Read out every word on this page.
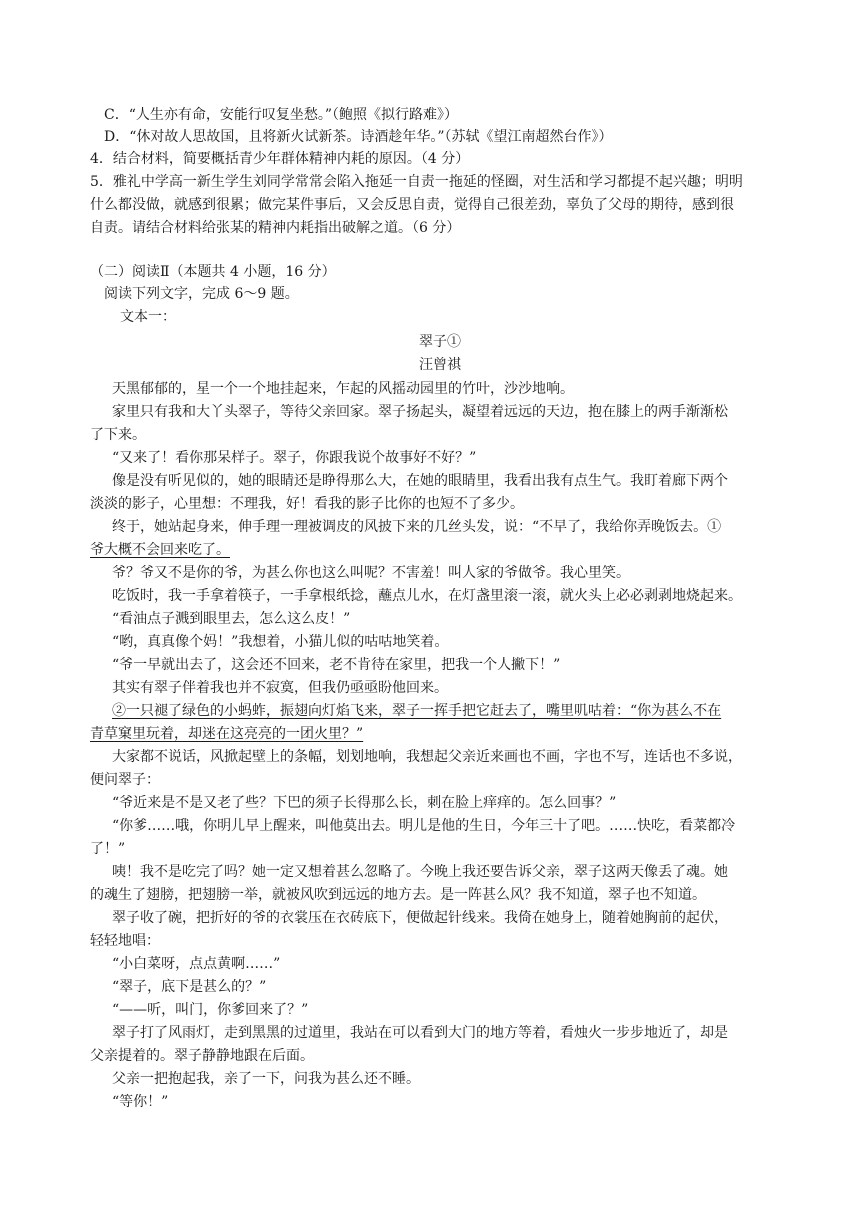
C．“人生亦有命，安能行叹复坐愁。”（鲍照《拟行路难》）
D．“休对故人思故国，且将新火试新茶。诗酒趁年华。”（苏轼《望江南超然台作》）
4．结合材料，简要概括青少年群体精神内耗的原因。（4 分）
5．雅礼中学高一新生学生刘同学常常会陷入拖延一自责一拖延的怪圈，对生活和学习都提不起兴趣；明明
什么都没做，就感到很累；做完某件事后，又会反思自责，觉得自己很差劲，辜负了父母的期待，感到很
自责。请结合材料给张某的精神内耗指出破解之道。（6 分）
（二）阅读Ⅱ（本题共 4 小题，16 分）
阅读下列文字，完成 6～9 题。
文本一：
翠子①
汪曾祺
天黑郁郁的，星一个一个地挂起来，乍起的风摇动园里的竹叶，沙沙地响。
家里只有我和大丫头翠子，等待父亲回家。翠子扬起头，凝望着远远的天边，抱在膝上的两手渐渐松
了下来。
“又来了！看你那呆样子。翠子，你跟我说个故事好不好？”
像是没有听见似的，她的眼睛还是睁得那么大，在她的眼睛里，我看出我有点生气。我盯着廊下两个
淡淡的影子，心里想：不理我，好！看我的影子比你的也短不了多少。
终于，她站起身来，伸手理一理被调皮的风披下来的几丝头发，说：“不早了，我给你弄晚饭去。①
爷大概不会回来吃了。
爷？爷又不是你的爷，为甚么你也这么叫呢？不害羞！叫人家的爷做爷。我心里笑。
吃饭时，我一手拿着筷子，一手拿根纸捻，蘸点儿水，在灯盏里滚一滚，就火头上必必剥剥地烧起来。
“看油点子溅到眼里去，怎么这么皮！”
“哟，真真像个妈！”我想着，小猫儿似的咕咕地笑着。
“爷一早就出去了，这会还不回来，老不肯待在家里，把我一个人撇下！”
其实有翠子伴着我也并不寂寞，但我仍亟亟盼他回来。
②一只褪了绿色的小蚂蚱，振翅向灯焰飞来，翠子一挥手把它赶去了，嘴里叽咕着：“你为甚么不在
青草窠里玩着，却迷在这亮亮的一团火里？”
大家都不说话，风掀起壁上的条幅，划划地响，我想起父亲近来画也不画，字也不写，连话也不多说，
便问翠子：
“爷近来是不是又老了些？下巴的须子长得那么长，刺在脸上痒痒的。怎么回事？”
“你爹……哦，你明儿早上醒来，叫他莫出去。明儿是他的生日，今年三十了吧。……快吃，看菜都冷
了！”
咦！我不是吃完了吗？她一定又想着甚么忽略了。今晚上我还要告诉父亲，翠子这两天像丢了魂。她
的魂生了翅膀，把翅膀一举，就被风吹到远远的地方去。是一阵甚么风？我不知道，翠子也不知道。
翠子收了碗，把折好的爷的衣裳压在衣砖底下，便做起针线来。我倚在她身上，随着她胸前的起伏，
轻轻地唱：
“小白菜呀，点点黄啊……”
“翠子，底下是甚么的？”
“——听，叫门，你爹回来了？”
翠子打了风雨灯，走到黑黑的过道里，我站在可以看到大门的地方等着，看烛火一步步地近了，却是
父亲提着的。翠子静静地跟在后面。
父亲一把抱起我，亲了一下，问我为甚么还不睡。
“等你！”
